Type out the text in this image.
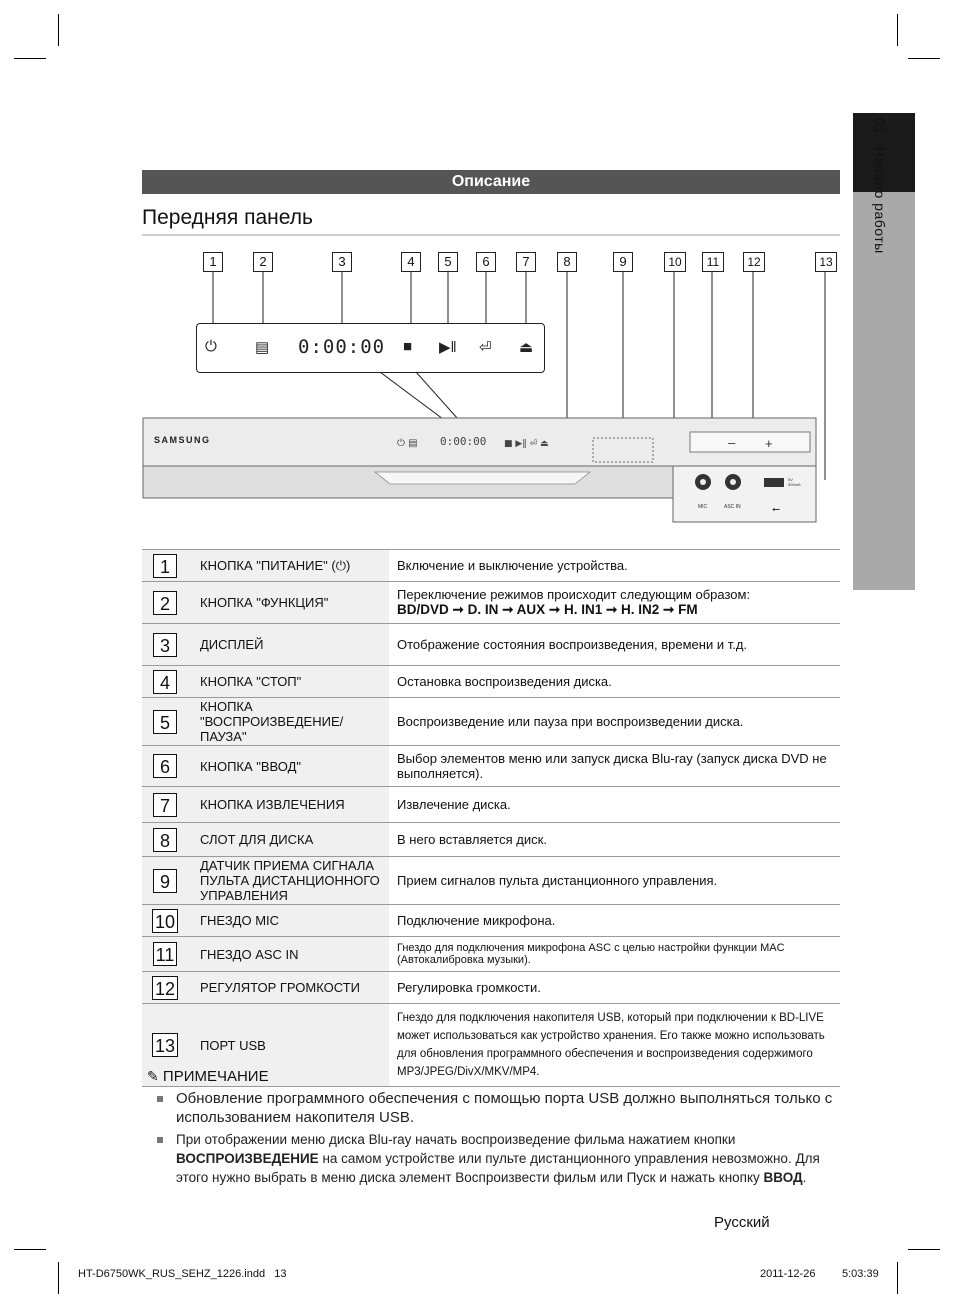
01 Начало работы
Описание
Передняя панель
1	2	3	4	5	6	7	8	9	10	11	12	13
⏻	▤ 0:00:00 ■ ▶‖ ⏎ ⏏
– +
⏻ ▤	■ ▶‖ ⏎ ⏏
⭠
SAMSUNG	0:00:00
MIC	ASC IN
5V 500mA
1	КНОПКА "ПИТАНИЕ" (⏻)	Включение и выключение устройства.

2	КНОПКА "ФУНКЦИЯ"	Переключение режимов происходит следующим образом:
BD/DVD ➞ D. IN ➞ AUX ➞ H. IN1 ➞ H. IN2 ➞ FM

3	ДИСПЛЕЙ	Отображение состояния воспроизведения, времени и т.д.

4	КНОПКА "СТОП"	Остановка воспроизведения диска.

5	КНОПКА "ВОСПРОИЗВЕДЕНИЕ/ПАУЗА"	Воспроизведение или пауза при воспроизведении диска.

6	КНОПКА "ВВОД"	Выбор элементов меню или запуск диска Blu-ray (запуск диска DVD не выполняется).

7	КНОПКА ИЗВЛЕЧЕНИЯ	Извлечение диска.

8	СЛОТ ДЛЯ ДИСКА	В него вставляется диск.

9	ДАТЧИК ПРИЕМА СИГНАЛА ПУЛЬТА ДИСТАНЦИОННОГО УПРАВЛЕНИЯ	Прием сигналов пульта дистанционного управления.

10	ГНЕЗДО MIC	Подключение микрофона.

11	ГНЕЗДО ASC IN	Гнездо для подключения микрофона ASC с целью настройки функции MAC (Автокалибровка музыки).

12	РЕГУЛЯТОР ГРОМКОСТИ	Регулировка громкости.

13	ПОРТ USB	Гнездо для подключения накопителя USB, который при подключении к BD-LIVE может использоваться как устройство хранения. Его также можно использовать для обновления программного обеспечения и воспроизведения содержимого MP3/JPEG/DivX/MKV/MP4.
✎ ПРИМЕЧАНИЕ
Обновление программного обеспечения с помощью порта USB должно выполняться только с использованием накопителя USB.
При отображении меню диска Blu-ray начать воспроизведение фильма нажатием кнопки ВОСПРОИЗВЕДЕНИЕ на самом устройстве или пульте дистанционного управления невозможно. Для этого нужно выбрать в меню диска элемент Воспроизвести фильм или Пуск и нажать кнопку ВВОД.
Русский
HT-D6750WK_RUS_SEHZ_1226.indd   13	2011-12-26 5:03:39
